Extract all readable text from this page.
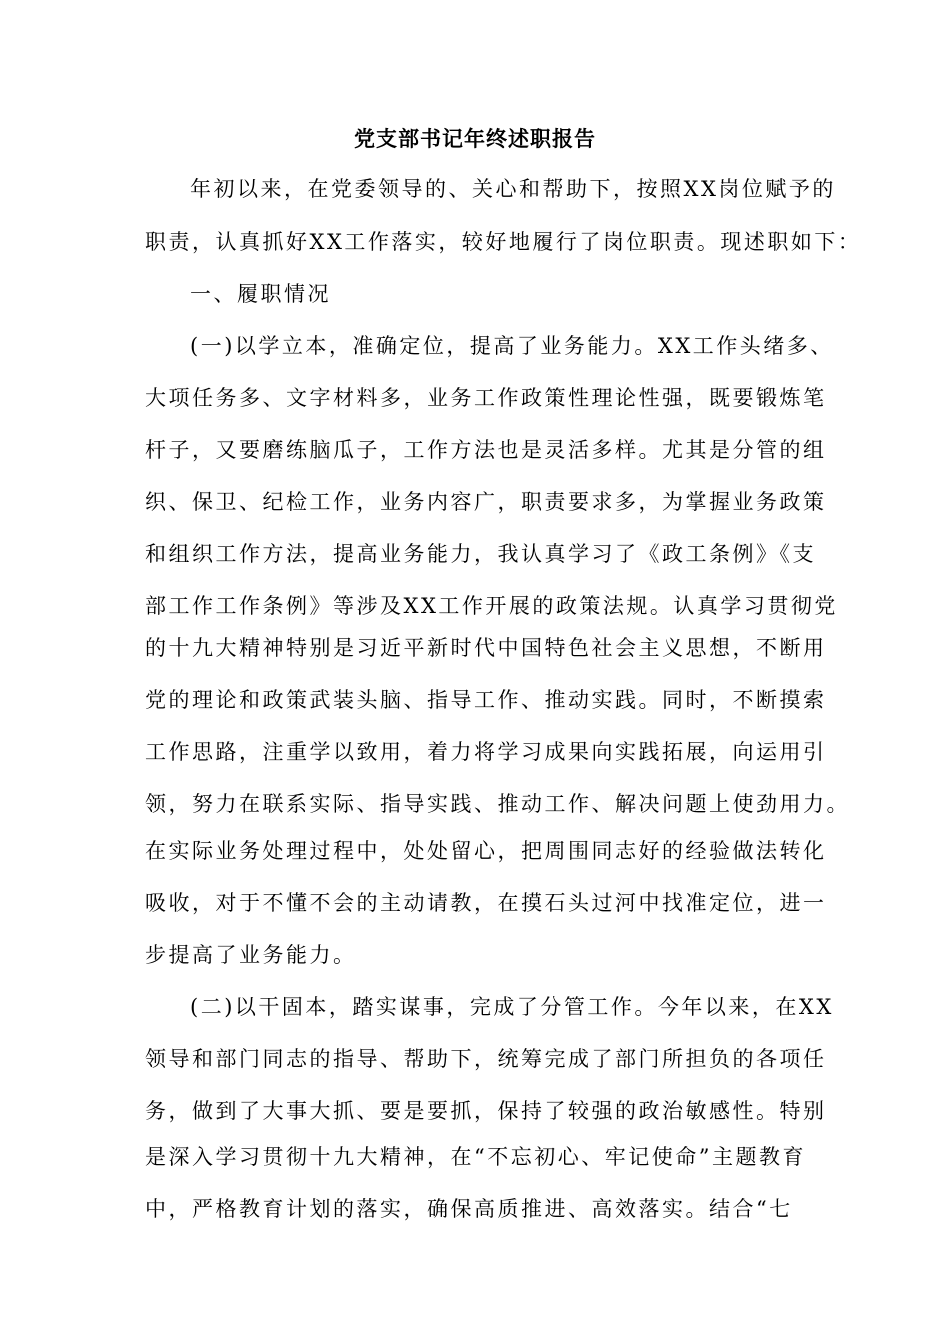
党支部书记年终述职报告
年初以来，在党委领导的、关心和帮助下，按照XX岗位赋予的
职责，认真抓好XX工作落实，较好地履行了岗位职责。现述职如下：
一、履职情况
(一)以学立本，准确定位，提高了业务能力。XX工作头绪多、
大项任务多、文字材料多，业务工作政策性理论性强，既要锻炼笔
杆子，又要磨练脑瓜子，工作方法也是灵活多样。尤其是分管的组
织、保卫、纪检工作，业务内容广，职责要求多，为掌握业务政策
和组织工作方法，提高业务能力，我认真学习了《政工条例》《支
部工作工作条例》等涉及XX工作开展的政策法规。认真学习贯彻党
的十九大精神特别是习近平新时代中国特色社会主义思想，不断用
党的理论和政策武装头脑、指导工作、推动实践。同时，不断摸索
工作思路，注重学以致用，着力将学习成果向实践拓展，向运用引
领，努力在联系实际、指导实践、推动工作、解决问题上使劲用力。
在实际业务处理过程中，处处留心，把周围同志好的经验做法转化
吸收，对于不懂不会的主动请教，在摸石头过河中找准定位，进一
步提高了业务能力。
(二)以干固本，踏实谋事，完成了分管工作。今年以来，在XX
领导和部门同志的指导、帮助下，统筹完成了部门所担负的各项任
务，做到了大事大抓、要是要抓，保持了较强的政治敏感性。特别
是深入学习贯彻十九大精神，在“不忘初心、牢记使命”主题教育
中，严格教育计划的落实，确保高质推进、高效落实。结合“七
